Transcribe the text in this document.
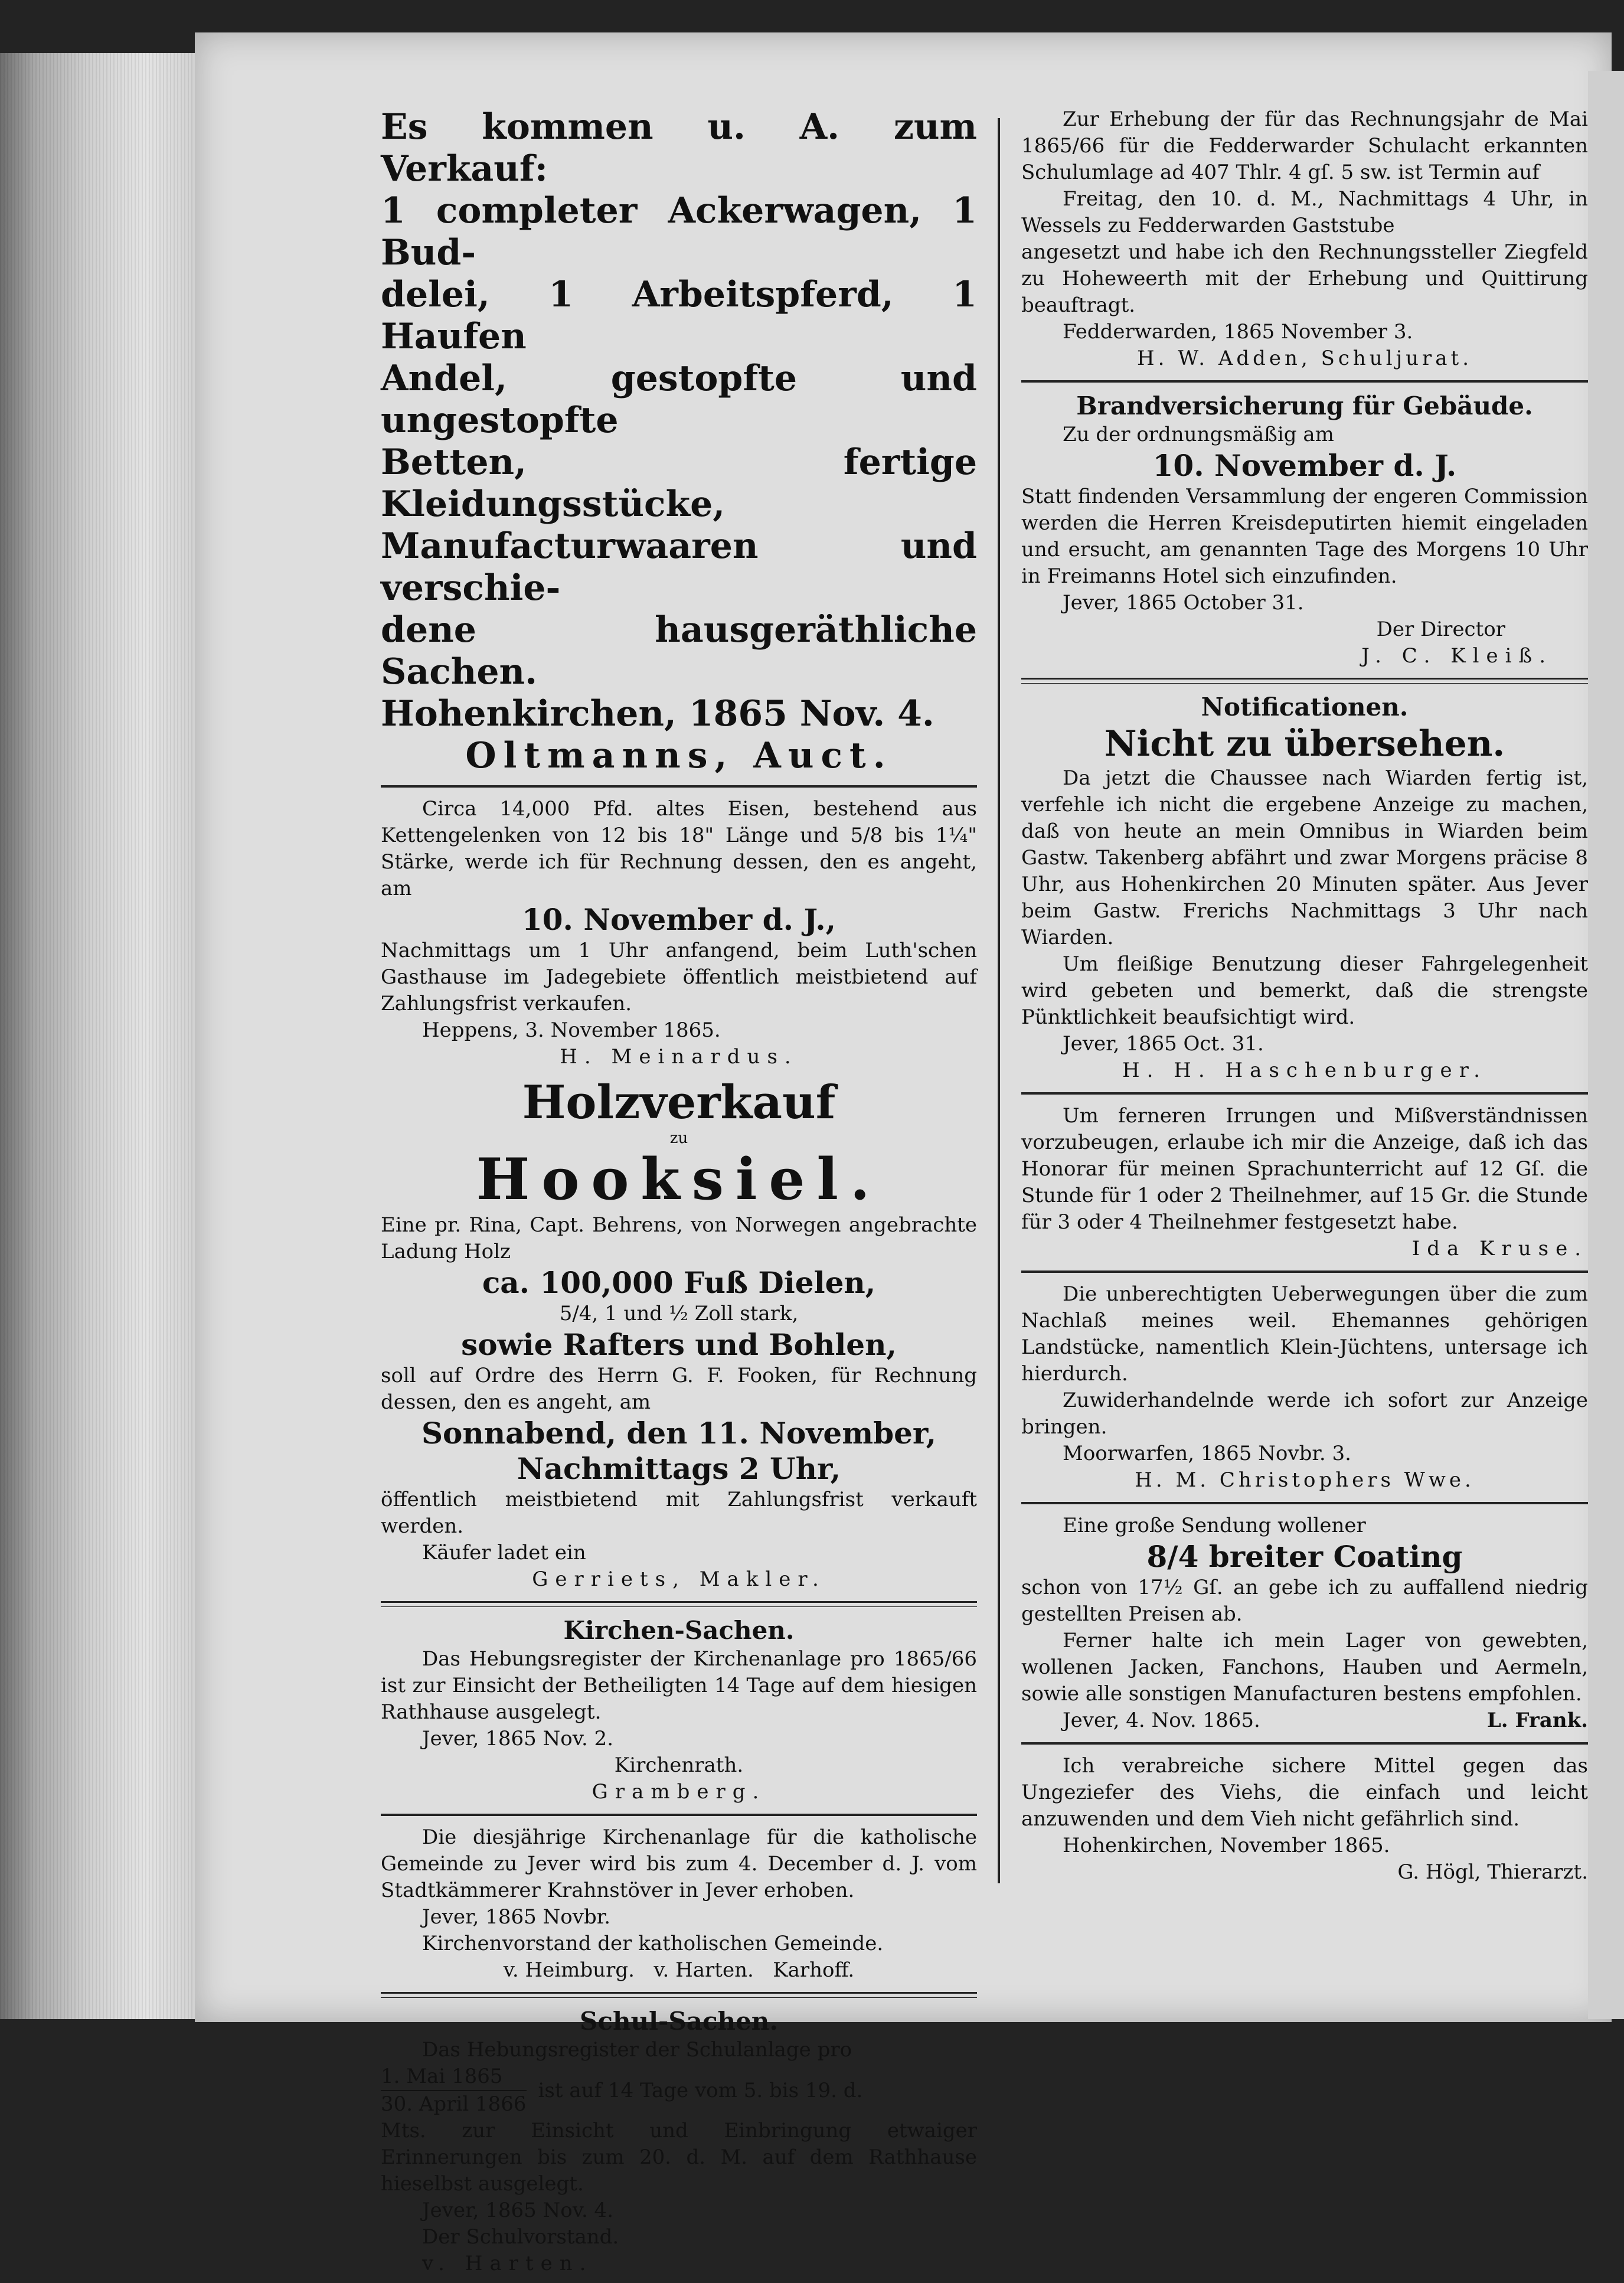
Es kommen u. A. zum Verkauf:

1 completer Ackerwagen, 1 Bud-

delei, 1 Arbeitspferd, 1 Haufen

Andel, gestopfte und ungestopfte

Betten, fertige Kleidungsstücke,

Manufacturwaaren und verschie-

dene hausgeräthliche Sachen.

Hohenkirchen, 1865 Nov. 4.

Oltmanns, Auct.

Circa 14,000 Pfd. altes Eisen, bestehend aus Kettengelenken von 12 bis 18" Länge und 5/8 bis 1¼" Stärke, werde ich für Rechnung dessen, den es angeht, am

10. November d. J.,

Nachmittags um 1 Uhr anfangend, beim Luth'schen Gasthause im Jadegebiete öffentlich meistbietend auf Zahlungsfrist verkaufen.

Heppens, 3. November 1865.

H. Meinardus.

Holzverkauf

zu

Hooksiel.

Eine pr. Rina, Capt. Behrens, von Norwegen angebrachte Ladung Holz

ca. 100,000 Fuß Dielen,

5/4, 1 und ½ Zoll stark,

sowie Rafters und Bohlen,

soll auf Ordre des Herrn G. F. Fooken, für Rechnung dessen, den es angeht, am

Sonnabend, den 11. November,

Nachmittags 2 Uhr,

öffentlich meistbietend mit Zahlungsfrist verkauft werden.

Käufer ladet ein

Gerriets, Makler.

Kirchen-Sachen.

Das Hebungsregister der Kirchenanlage pro 1865/66 ist zur Einsicht der Betheiligten 14 Tage auf dem hiesigen Rathhause ausgelegt.

Jever, 1865 Nov. 2.

Kirchenrath.

Gramberg.

Die diesjährige Kirchenanlage für die katholische Gemeinde zu Jever wird bis zum 4. December d. J. vom Stadtkämmerer Krahnstöver in Jever erhoben.

Jever, 1865 Novbr.

Kirchenvorstand der katholischen Gemeinde.

v. Heimburg.   v. Harten.   Karhoff.

Schul-Sachen.

Das Hebungsregister der Schulanlage pro

1. Mai 1865
30. April 1866
ist auf 14 Tage vom 5. bis 19. d.

Mts. zur Einsicht und Einbringung etwaiger Erinnerungen bis zum 20. d. M. auf dem Rathhause hieselbst ausgelegt.

Jever, 1865 Nov. 4.

Der Schulvorstand.

v. Harten.

Zur Erhebung der für das Rechnungsjahr de Mai 1865/66 für die Fedderwarder Schulacht erkannten Schulumlage ad 407 Thlr. 4 gſ. 5 sw. ist Termin auf

Freitag, den 10. d. M., Nachmittags 4 Uhr, in Wessels zu Fedderwarden Gaststube

angesetzt und habe ich den Rechnungssteller Ziegfeld zu Hoheweerth mit der Erhebung und Quittirung beauftragt.

Fedderwarden, 1865 November 3.

H. W. Adden, Schuljurat.

Brandversicherung für Gebäude.

Zu der ordnungsmäßig am

10. November d. J.

Statt findenden Versammlung der engeren Commission werden die Herren Kreisdeputirten hiemit eingeladen und ersucht, am genannten Tage des Morgens 10 Uhr in Freimanns Hotel sich einzufinden.

Jever, 1865 October 31.

Der Director

J. C. Kleiß.

Notificationen.

Nicht zu übersehen.

Da jetzt die Chaussee nach Wiarden fertig ist, verfehle ich nicht die ergebene Anzeige zu machen, daß von heute an mein Omnibus in Wiarden beim Gastw. Takenberg abfährt und zwar Morgens präcise 8 Uhr, aus Hohenkirchen 20 Minuten später. Aus Jever beim Gastw. Frerichs Nachmittags 3 Uhr nach Wiarden.

Um fleißige Benutzung dieser Fahrgelegenheit wird gebeten und bemerkt, daß die strengste Pünktlichkeit beaufsichtigt wird.

Jever, 1865 Oct. 31.

H. H. Haschenburger.

Um ferneren Irrungen und Mißverständnissen vorzubeugen, erlaube ich mir die Anzeige, daß ich das Honorar für meinen Sprachunterricht auf 12 Gſ. die Stunde für 1 oder 2 Theilnehmer, auf 15 Gr. die Stunde für 3 oder 4 Theilnehmer festgesetzt habe.

Ida Kruse.

Die unberechtigten Ueberwegungen über die zum Nachlaß meines weil. Ehemannes gehörigen Landstücke, namentlich Klein-Jüchtens, untersage ich hierdurch.

Zuwiderhandelnde werde ich sofort zur Anzeige bringen.

Moorwarfen, 1865 Novbr. 3.

H. M. Christophers Wwe.

Eine große Sendung wollener

8/4 breiter Coating

schon von 17½ Gſ. an gebe ich zu auffallend niedrig gestellten Preisen ab.

Ferner halte ich mein Lager von gewebten, wollenen Jacken, Fanchons, Hauben und Aermeln, sowie alle sonstigen Manufacturen bestens empfohlen.

Jever, 4. Nov. 1865.	L. Frank.

Ich verabreiche sichere Mittel gegen das Ungeziefer des Viehs, die einfach und leicht anzuwenden und dem Vieh nicht gefährlich sind.

Hohenkirchen, November 1865.

G. Högl, Thierarzt.
